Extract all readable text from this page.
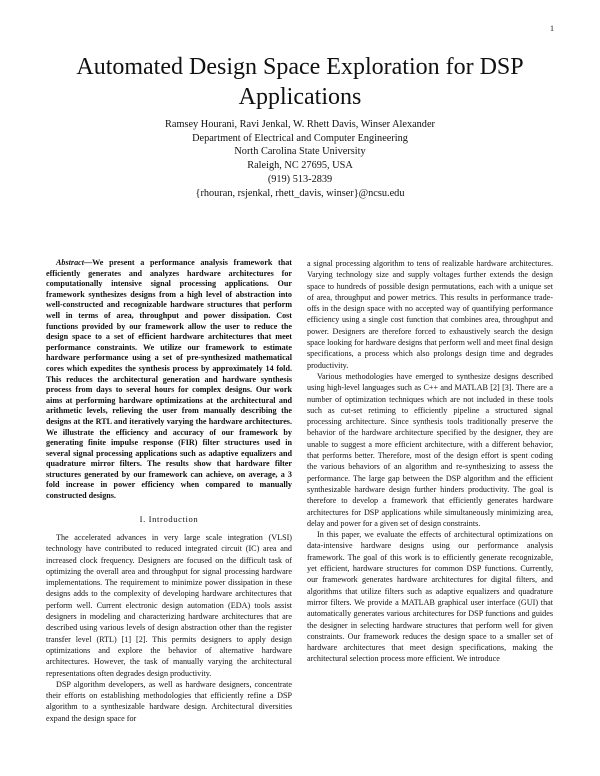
1
Automated Design Space Exploration for DSP Applications
Ramsey Hourani, Ravi Jenkal, W. Rhett Davis, Winser Alexander
Department of Electrical and Computer Engineering
North Carolina State University
Raleigh, NC 27695, USA
(919) 513-2839
{rhouran, rsjenkal, rhett_davis, winser}@ncsu.edu

Abstract—We present a performance analysis framework that efficiently generates and analyzes hardware architectures for computationally intensive signal processing applications. Our framework synthesizes designs from a high level of abstraction into well-constructed and recognizable hardware structures that perform well in terms of area, throughput and power dissipation. Cost functions provided by our framework allow the user to reduce the design space to a set of efficient hardware architectures that meet performance constraints. We utilize our framework to estimate hardware performance using a set of pre-synthesized mathematical cores which expedites the synthesis process by approximately 14 fold. This reduces the architectural generation and hardware synthesis process from days to several hours for complex designs. Our work aims at performing hardware optimizations at the architectural and arithmetic levels, relieving the user from manually describing the designs at the RTL and iteratively varying the hardware architectures. We illustrate the efficiency and accuracy of our framework by generating finite impulse response (FIR) filter structures used in several signal processing applications such as adaptive equalizers and quadrature mirror filters. The results show that hardware filter structures generated by our framework can achieve, on average, a 3 fold increase in power efficiency when compared to manually constructed designs.

I. Introduction

The accelerated advances in very large scale integration (VLSI) technology have contributed to reduced integrated circuit (IC) area and increased clock frequency. Designers are focused on the difficult task of optimizing the overall area and throughput for signal processing hardware implementations. The requirement to minimize power dissipation in these designs adds to the complexity of developing hardware architectures that perform well. Current electronic design automation (EDA) tools assist designers in modeling and characterizing hardware architectures that are described using various levels of design abstraction other than the register transfer level (RTL) [1] [2]. This permits designers to apply design optimizations and explore the behavior of alternative hardware architectures. However, the task of manually varying the architectural representations often degrades design productivity.

DSP algorithm developers, as well as hardware designers, concentrate their efforts on establishing methodologies that efficiently refine a DSP algorithm to a synthesizable hardware design. Architectural diversities expand the design space for

a signal processing algorithm to tens of realizable hardware architectures. Varying technology size and supply voltages further extends the design space to hundreds of possible design permutations, each with a unique set of area, throughput and power metrics. This results in performance trade-offs in the design space with no accepted way of quantifying performance efficiency using a single cost function that combines area, throughput and power. Designers are therefore forced to exhaustively search the design space looking for hardware designs that perform well and meet final design specifications, a process which also prolongs design time and degrades productivity.

Various methodologies have emerged to synthesize designs described using high-level languages such as C++ and MATLAB [2] [3]. There are a number of optimization techniques which are not included in these tools such as cut-set retiming to efficiently pipeline a structured signal processing architecture. Since synthesis tools traditionally preserve the behavior of the hardware architecture specified by the designer, they are unable to suggest a more efficient architecture, with a different behavior, that performs better. Therefore, most of the design effort is spent coding the various behaviors of an algorithm and re-synthesizing to assess the performance. The large gap between the DSP algorithm and the efficient synthesizable hardware design further hinders productivity. The goal is therefore to develop a framework that efficiently generates hardware architectures for DSP applications while simultaneously minimizing area, delay and power for a given set of design constraints.

In this paper, we evaluate the effects of architectural optimizations on data-intensive hardware designs using our performance analysis framework. The goal of this work is to efficiently generate recognizable, yet efficient, hardware structures for common DSP functions. Currently, our framework generates hardware architectures for digital filters, and algorithms that utilize filters such as adaptive equalizers and quadrature mirror filters. We provide a MATLAB graphical user interface (GUI) that automatically generates various architectures for DSP functions and guides the designer in selecting hardware structures that perform well for given constraints. Our framework reduces the design space to a smaller set of hardware architectures that meet design specifications, making the architectural selection process more efficient. We introduce
